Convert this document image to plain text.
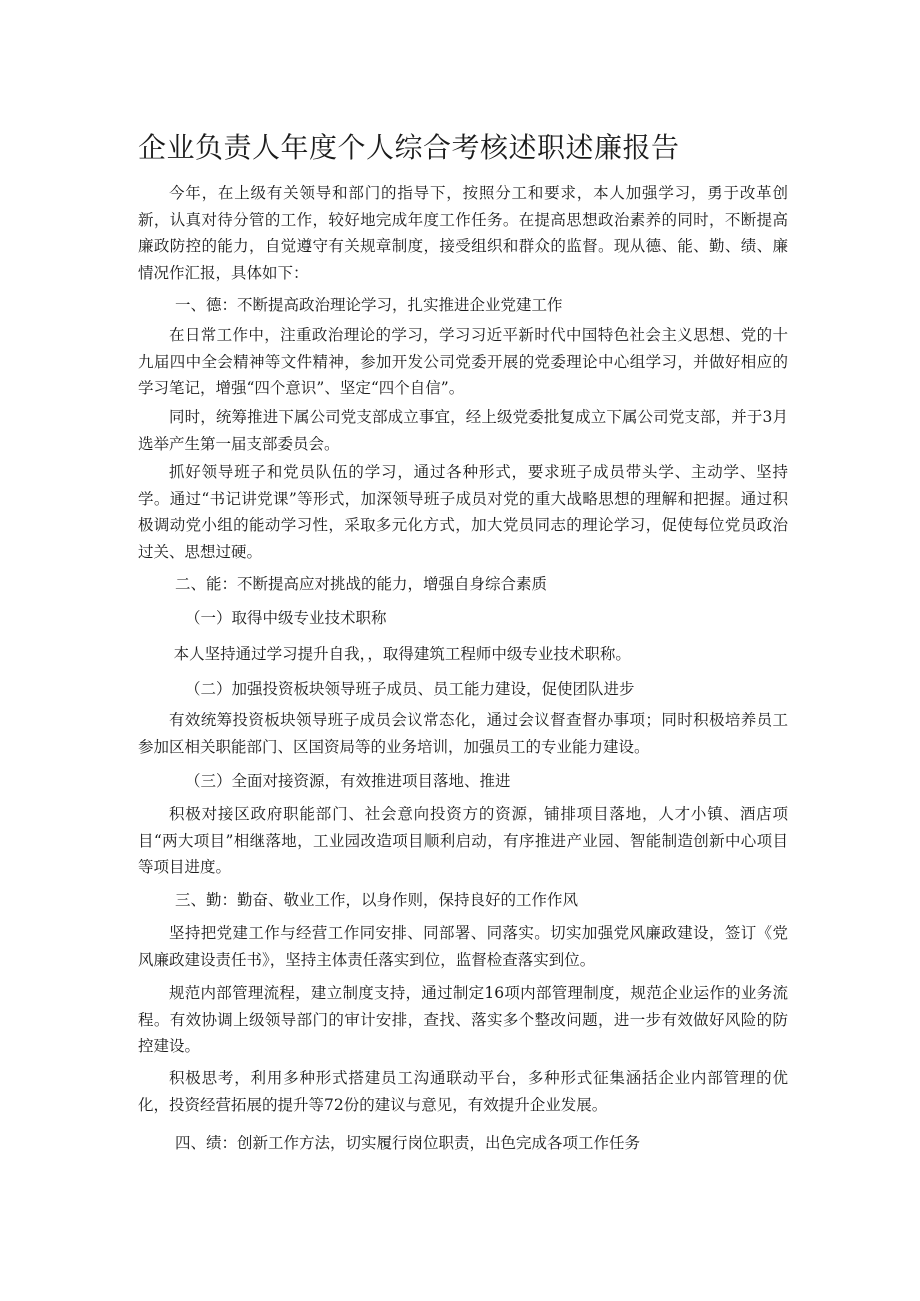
企业负责人年度个人综合考核述职述廉报告

今年，在上级有关领导和部门的指导下，按照分工和要求，本人加强学习，勇于改革创新，认真对待分管的工作，较好地完成年度工作任务。在提高思想政治素养的同时，不断提高廉政防控的能力，自觉遵守有关规章制度，接受组织和群众的监督。现从德、能、勤、绩、廉情况作汇报，具体如下：

一、德：不断提高政治理论学习，扎实推进企业党建工作

在日常工作中，注重政治理论的学习，学习习近平新时代中国特色社会主义思想、党的十九届四中全会精神等文件精神，参加开发公司党委开展的党委理论中心组学习，并做好相应的学习笔记，增强“四个意识”、坚定“四个自信”。

同时，统筹推进下属公司党支部成立事宜，经上级党委批复成立下属公司党支部，并于3月选举产生第一届支部委员会。

抓好领导班子和党员队伍的学习，通过各种形式，要求班子成员带头学、主动学、坚持学。通过“书记讲党课”等形式，加深领导班子成员对党的重大战略思想的理解和把握。通过积极调动党小组的能动学习性，采取多元化方式，加大党员同志的理论学习，促使每位党员政治过关、思想过硬。

二、能：不断提高应对挑战的能力，增强自身综合素质

（一）取得中级专业技术职称

本人坚持通过学习提升自我，，取得建筑工程师中级专业技术职称。

（二）加强投资板块领导班子成员、员工能力建设，促使团队进步

有效统筹投资板块领导班子成员会议常态化，通过会议督查督办事项；同时积极培养员工参加区相关职能部门、区国资局等的业务培训，加强员工的专业能力建设。

（三）全面对接资源，有效推进项目落地、推进

积极对接区政府职能部门、社会意向投资方的资源，铺排项目落地，人才小镇、酒店项目“两大项目”相继落地，工业园改造项目顺利启动，有序推进产业园、智能制造创新中心项目等项目进度。

三、勤：勤奋、敬业工作，以身作则，保持良好的工作作风

坚持把党建工作与经营工作同安排、同部署、同落实。切实加强党风廉政建设，签订《党风廉政建设责任书》，坚持主体责任落实到位，监督检查落实到位。

规范内部管理流程，建立制度支持，通过制定16项内部管理制度，规范企业运作的业务流程。有效协调上级领导部门的审计安排，查找、落实多个整改问题，进一步有效做好风险的防控建设。

积极思考，利用多种形式搭建员工沟通联动平台，多种形式征集涵括企业内部管理的优化，投资经营拓展的提升等72份的建议与意见，有效提升企业发展。

四、绩：创新工作方法，切实履行岗位职责，出色完成各项工作任务
